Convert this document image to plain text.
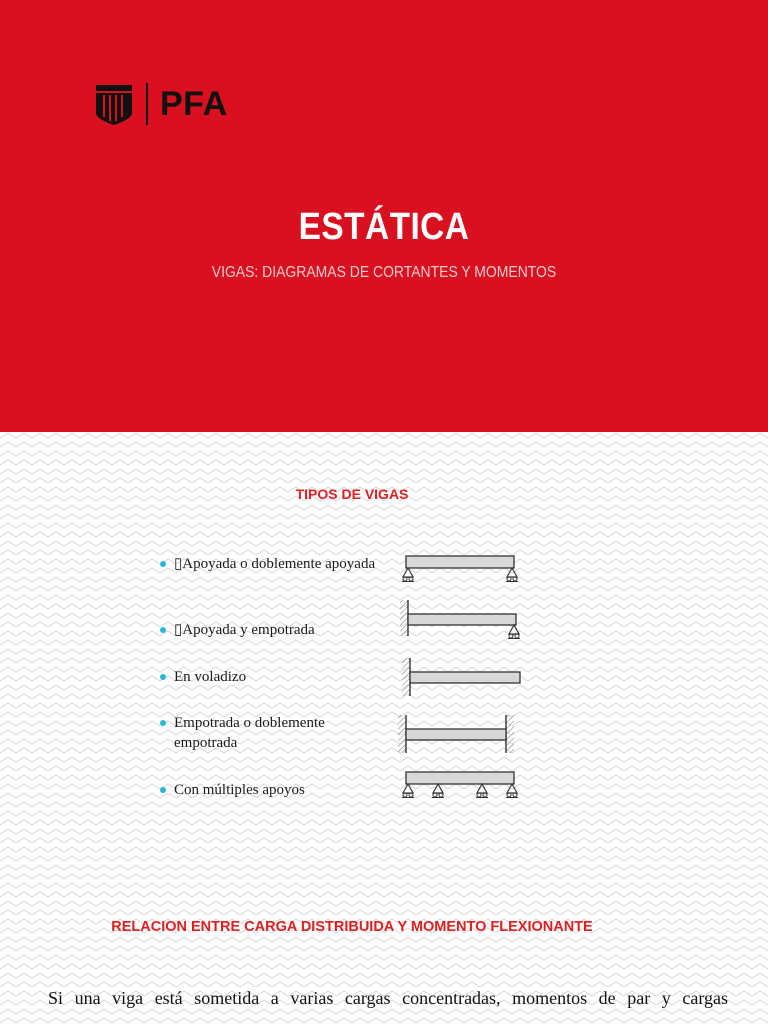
PFA
ESTÁTICA
VIGAS: DIAGRAMAS DE CORTANTES Y MOMENTOS
TIPOS DE VIGAS
▯Apoyada o doblemente apoyada
▯Apoyada y empotrada
En voladizo
Empotrada o doblemente empotrada
Con múltiples apoyos
RELACION ENTRE CARGA DISTRIBUIDA Y MOMENTO FLEXIONANTE

Si una viga está sometida a varias cargas concentradas, momentos de par y cargas
